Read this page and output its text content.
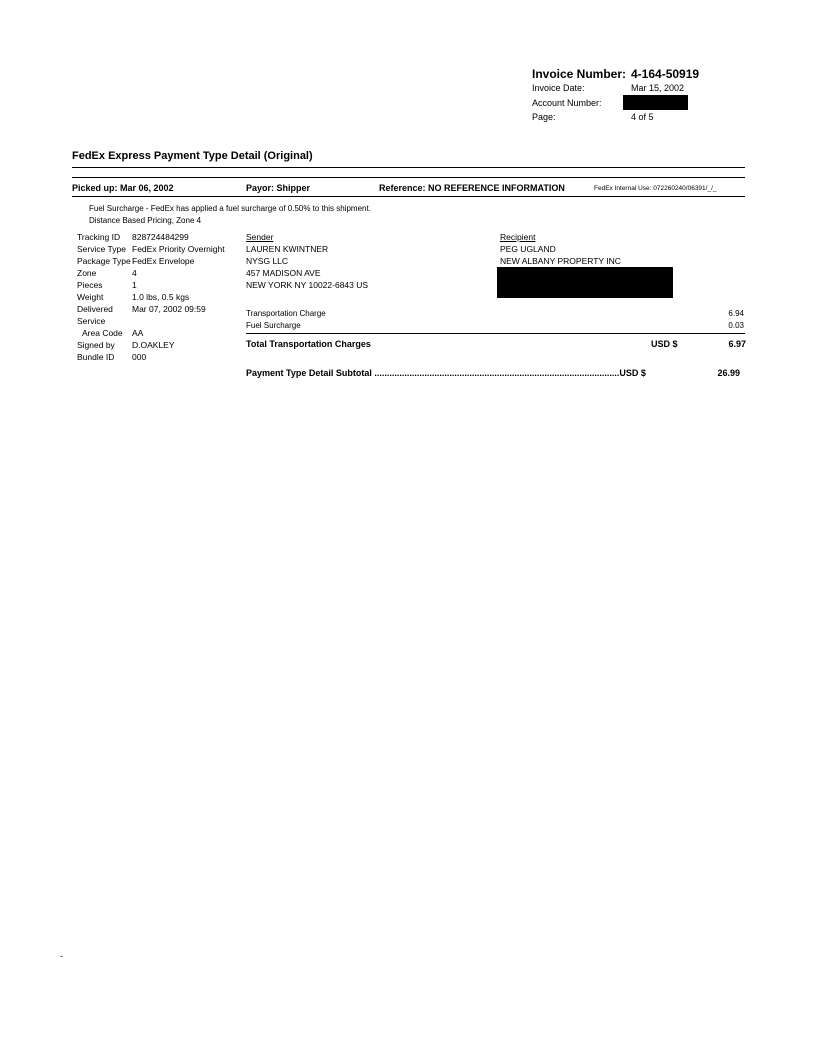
Invoice Number: 4-164-50919
Invoice Date:	Mar 15, 2002
Account Number:
Page:	4 of 5
FedEx Express Payment Type Detail (Original)
Picked up: Mar 06, 2002	Payor: Shipper	Reference: NO REFERENCE INFORMATION	FedEx Internal Use: 072260240/06391/_/_
Fuel Surcharge - FedEx has applied a fuel surcharge of 0.50% to this shipment.
Distance Based Pricing, Zone 4
Tracking ID 828724484299
Service Type FedEx Priority Overnight
Package Type FedEx Envelope
Zone	4
Pieces	1
Weight	1.0 lbs, 0.5 kgs
Delivered Mar 07, 2002 09:59
Service
Area Code AA
Signed by D.OAKLEY
Bundle ID 000
Sender
LAUREN KWINTNER
NYSG LLC
457 MADISON AVE
NEW YORK NY 10022-6843 US
Recipient
PEG UGLAND
NEW ALBANY PROPERTY INC
Transportation Charge	6.94
Fuel Surcharge	0.03
Total Transportation Charges	USD $	6.97
Payment Type Detail Subtotal ..................................................................................................USD $	26.99
-
